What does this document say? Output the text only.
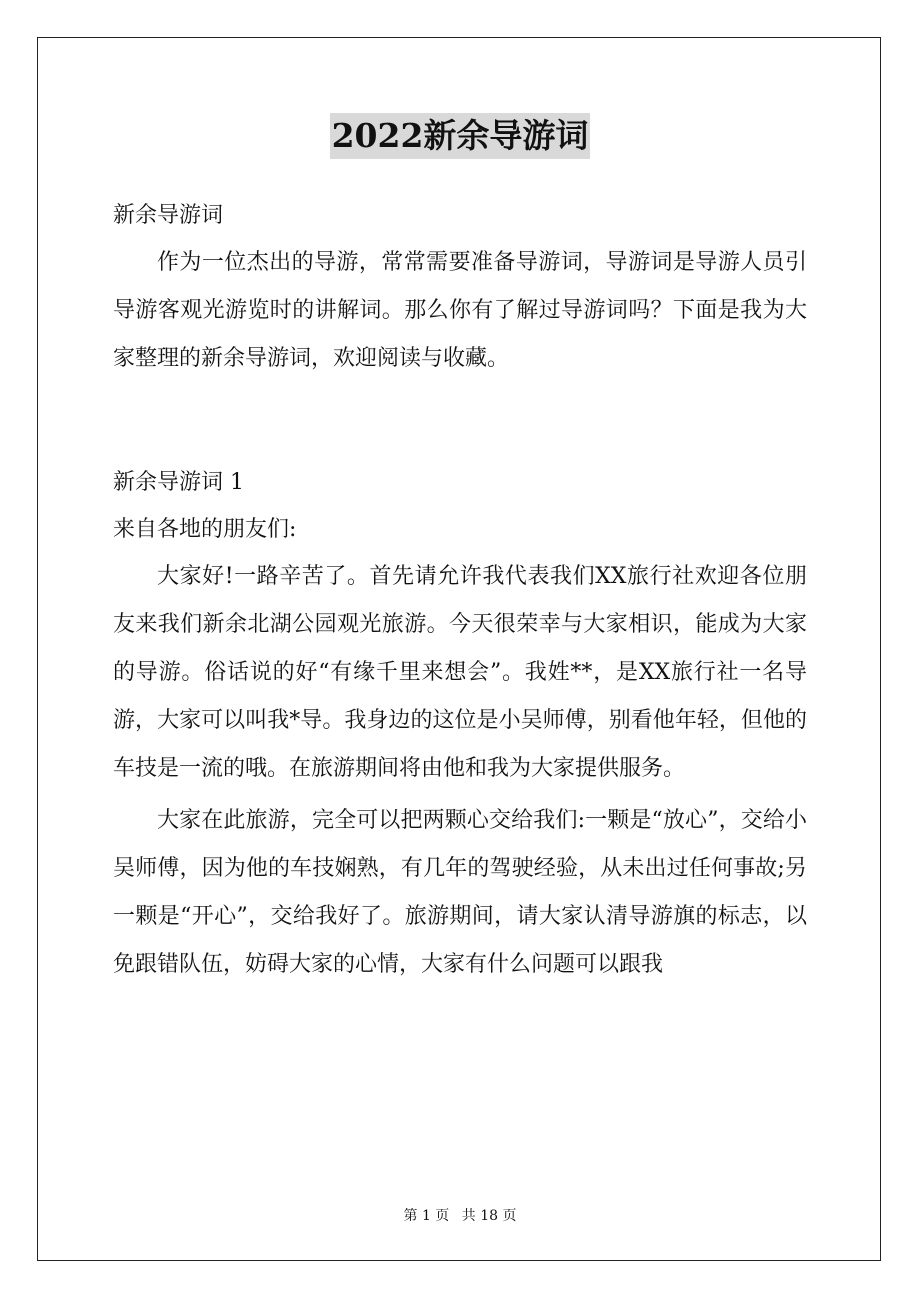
2022新余导游词

新余导游词

作为一位杰出的导游，常常需要准备导游词，导游词是导游人员引导游客观光游览时的讲解词。那么你有了解过导游词吗？下面是我为大家整理的新余导游词，欢迎阅读与收藏。

新余导游词 1

来自各地的朋友们:

大家好!一路辛苦了。首先请允许我代表我们XX旅行社欢迎各位朋友来我们新余北湖公园观光旅游。今天很荣幸与大家相识，能成为大家的导游。俗话说的好“有缘千里来想会”。我姓**，是XX旅行社一名导游，大家可以叫我*导。我身边的这位是小吴师傅，别看他年轻，但他的车技是一流的哦。在旅游期间将由他和我为大家提供服务。

大家在此旅游，完全可以把两颗心交给我们:一颗是“放心”，交给小吴师傅，因为他的车技娴熟，有几年的驾驶经验，从未出过任何事故;另一颗是“开心”，交给我好了。旅游期间，请大家认清导游旗的标志，以免跟错队伍，妨碍大家的心情，大家有什么问题可以跟我

第 1 页 共 18 页
